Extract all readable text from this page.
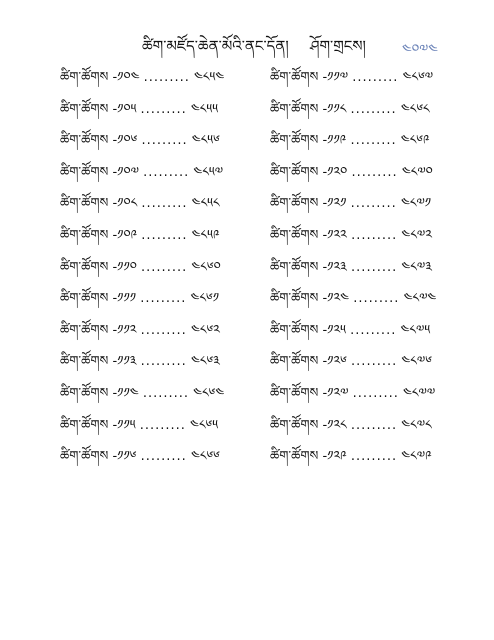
ཚིག་མཛོད་ཆེན་མོའི་ནང་དོན། ཤོག་གྲངས།	༤༠༧༤
ཚིག་ཚོགས -༡༠༤ ......... ༤༨༥༤
ཚིག་ཚོགས -༡༠༥ ......... ༤༨༥༥
ཚིག་ཚོགས -༡༠༦ ......... ༤༨༥༦
ཚིག་ཚོགས -༡༠༧ ......... ༤༨༥༧
ཚིག་ཚོགས -༡༠༨ ......... ༤༨༥༨
ཚིག་ཚོགས -༡༠༩ ......... ༤༨༥༩
ཚིག་ཚོགས -༡༡༠ ......... ༤༨༦༠
ཚིག་ཚོགས -༡༡༡ ......... ༤༨༦༡
ཚིག་ཚོགས -༡༡༢ ......... ༤༨༦༢
ཚིག་ཚོགས -༡༡༣ ......... ༤༨༦༣
ཚིག་ཚོགས -༡༡༤ ......... ༤༨༦༤
ཚིག་ཚོགས -༡༡༥ ......... ༤༨༦༥
ཚིག་ཚོགས -༡༡༦ ......... ༤༨༦༦
ཚིག་ཚོགས -༡༡༧ ......... ༤༨༦༧
ཚིག་ཚོགས -༡༡༨ ......... ༤༨༦༨
ཚིག་ཚོགས -༡༡༩ ......... ༤༨༦༩
ཚིག་ཚོགས -༡༢༠ ......... ༤༨༧༠
ཚིག་ཚོགས -༡༢༡ ......... ༤༨༧༡
ཚིག་ཚོགས -༡༢༢ ......... ༤༨༧༢
ཚིག་ཚོགས -༡༢༣ ......... ༤༨༧༣
ཚིག་ཚོགས -༡༢༤ ......... ༤༨༧༤
ཚིག་ཚོགས -༡༢༥ ......... ༤༨༧༥
ཚིག་ཚོགས -༡༢༦ ......... ༤༨༧༦
ཚིག་ཚོགས -༡༢༧ ......... ༤༨༧༧
ཚིག་ཚོགས -༡༢༨ ......... ༤༨༧༨
ཚིག་ཚོགས -༡༢༩ ......... ༤༨༧༩
